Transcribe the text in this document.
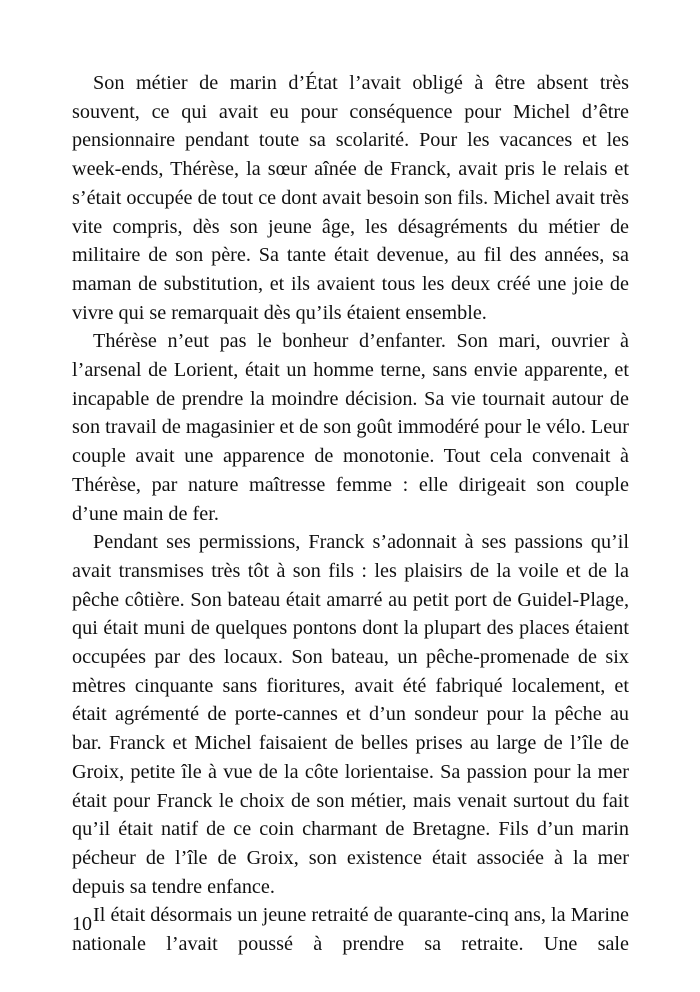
Son métier de marin d’État l’avait obligé à être absent très souvent, ce qui avait eu pour conséquence pour Michel d’être pensionnaire pendant toute sa scolarité. Pour les vacances et les week-ends, Thérèse, la sœur aînée de Franck, avait pris le relais et s’était occupée de tout ce dont avait besoin son fils. Michel avait très vite compris, dès son jeune âge, les désagréments du métier de militaire de son père. Sa tante était devenue, au fil des années, sa maman de substitution, et ils avaient tous les deux créé une joie de vivre qui se remarquait dès qu’ils étaient ensemble.

Thérèse n’eut pas le bonheur d’enfanter. Son mari, ouvrier à l’arsenal de Lorient, était un homme terne, sans envie apparente, et incapable de prendre la moindre décision. Sa vie tournait autour de son travail de magasinier et de son goût immodéré pour le vélo. Leur couple avait une apparence de monotonie. Tout cela convenait à Thérèse, par nature maîtresse femme : elle dirigeait son couple d’une main de fer.

Pendant ses permissions, Franck s’adonnait à ses passions qu’il avait transmises très tôt à son fils : les plaisirs de la voile et de la pêche côtière. Son bateau était amarré au petit port de Guidel-Plage, qui était muni de quelques pontons dont la plupart des places étaient occupées par des locaux. Son bateau, un pêche-promenade de six mètres cinquante sans fioritures, avait été fabriqué localement, et était agrémenté de porte-cannes et d’un sondeur pour la pêche au bar. Franck et Michel faisaient de belles prises au large de l’île de Groix, petite île à vue de la côte lorientaise. Sa passion pour la mer était pour Franck le choix de son métier, mais venait surtout du fait qu’il était natif de ce coin charmant de Bretagne. Fils d’un marin pécheur de l’île de Groix, son existence était associée à la mer depuis sa tendre enfance.

Il était désormais un jeune retraité de quarante-cinq ans, la Marine nationale l’avait poussé à prendre sa retraite. Une sale

10
